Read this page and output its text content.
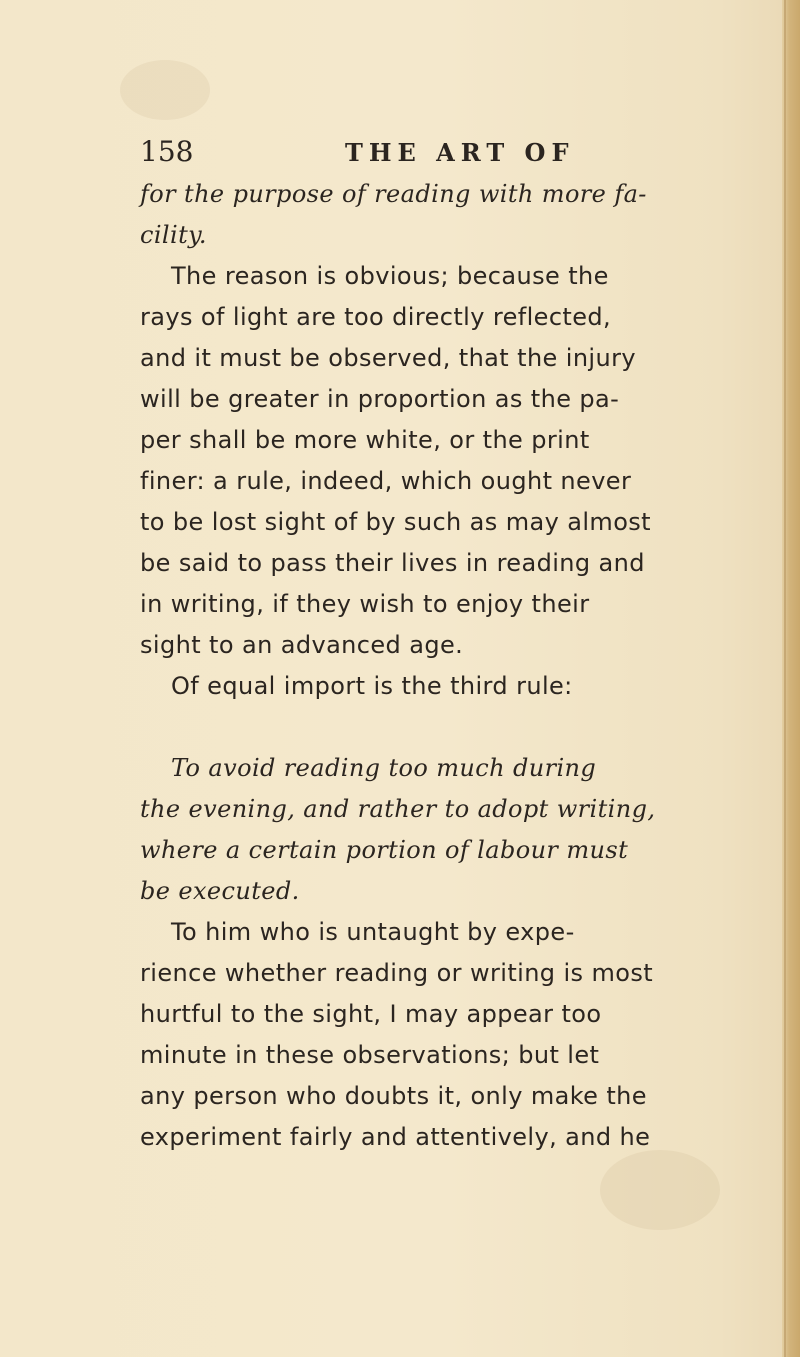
158	THE ART OF
for the purpose of reading with more fa-
cility.
The reason is obvious; because the
rays of light are too directly reflected,
and it must be observed, that the injury
will be greater in proportion as the pa-
per shall be more white, or the print
finer: a rule, indeed, which ought never
to be lost sight of by such as may almost
be said to pass their lives in reading and
in writing, if they wish to enjoy their
sight to an advanced age.
Of equal import is the third rule:
To avoid reading too much during
the evening, and rather to adopt writing,
where a certain portion of labour must
be executed.
To him who is untaught by expe-
rience whether reading or writing is most
hurtful to the sight, I may appear too
minute in these observations; but let
any person who doubts it, only make the
experiment fairly and attentively, and he
